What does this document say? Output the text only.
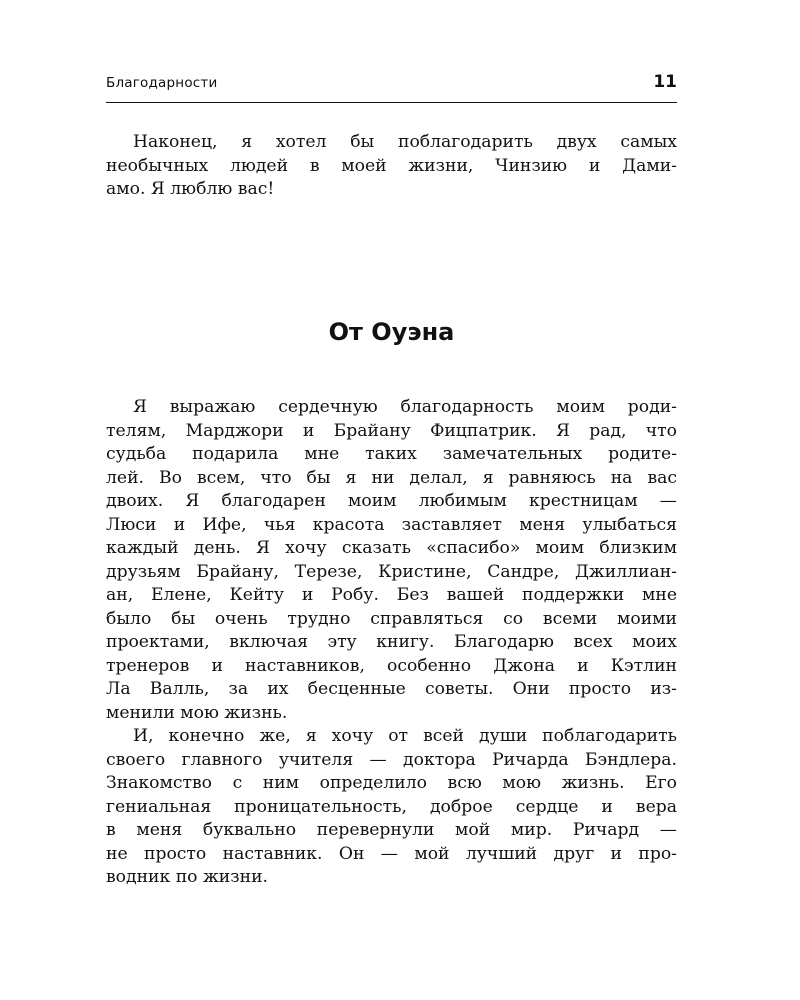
Благодарности	11
Наконец, я хотел бы поблагодарить двух самых
необычных людей в моей жизни, Чинзию и Дами-
амо. Я люблю вас!
От Оуэна
Я выражаю сердечную благодарность моим роди-
телям, Марджори и Брайану Фицпатрик. Я рад, что
судьба подарила мне таких замечательных родите-
лей. Во всем, что бы я ни делал, я равняюсь на вас
двоих. Я благодарен моим любимым крестницам —
Люси и Ифе, чья красота заставляет меня улыбаться
каждый день. Я хочу сказать «спасибо» моим близким
друзьям Брайану, Терезе, Кристине, Сандре, Джиллиан-
ан, Елене, Кейту и Робу. Без вашей поддержки мне
было бы очень трудно справляться со всеми моими
проектами, включая эту книгу. Благодарю всех моих
тренеров и наставников, особенно Джона и Кэтлин
Ла Валль, за их бесценные советы. Они просто из-
менили мою жизнь.
И, конечно же, я хочу от всей души поблагодарить
своего главного учителя — доктора Ричарда Бэндлера.
Знакомство с ним определило всю мою жизнь. Его
гениальная проницательность, доброе сердце и вера
в меня буквально перевернули мой мир. Ричард —
не просто наставник. Он — мой лучший друг и про-
водник по жизни.
